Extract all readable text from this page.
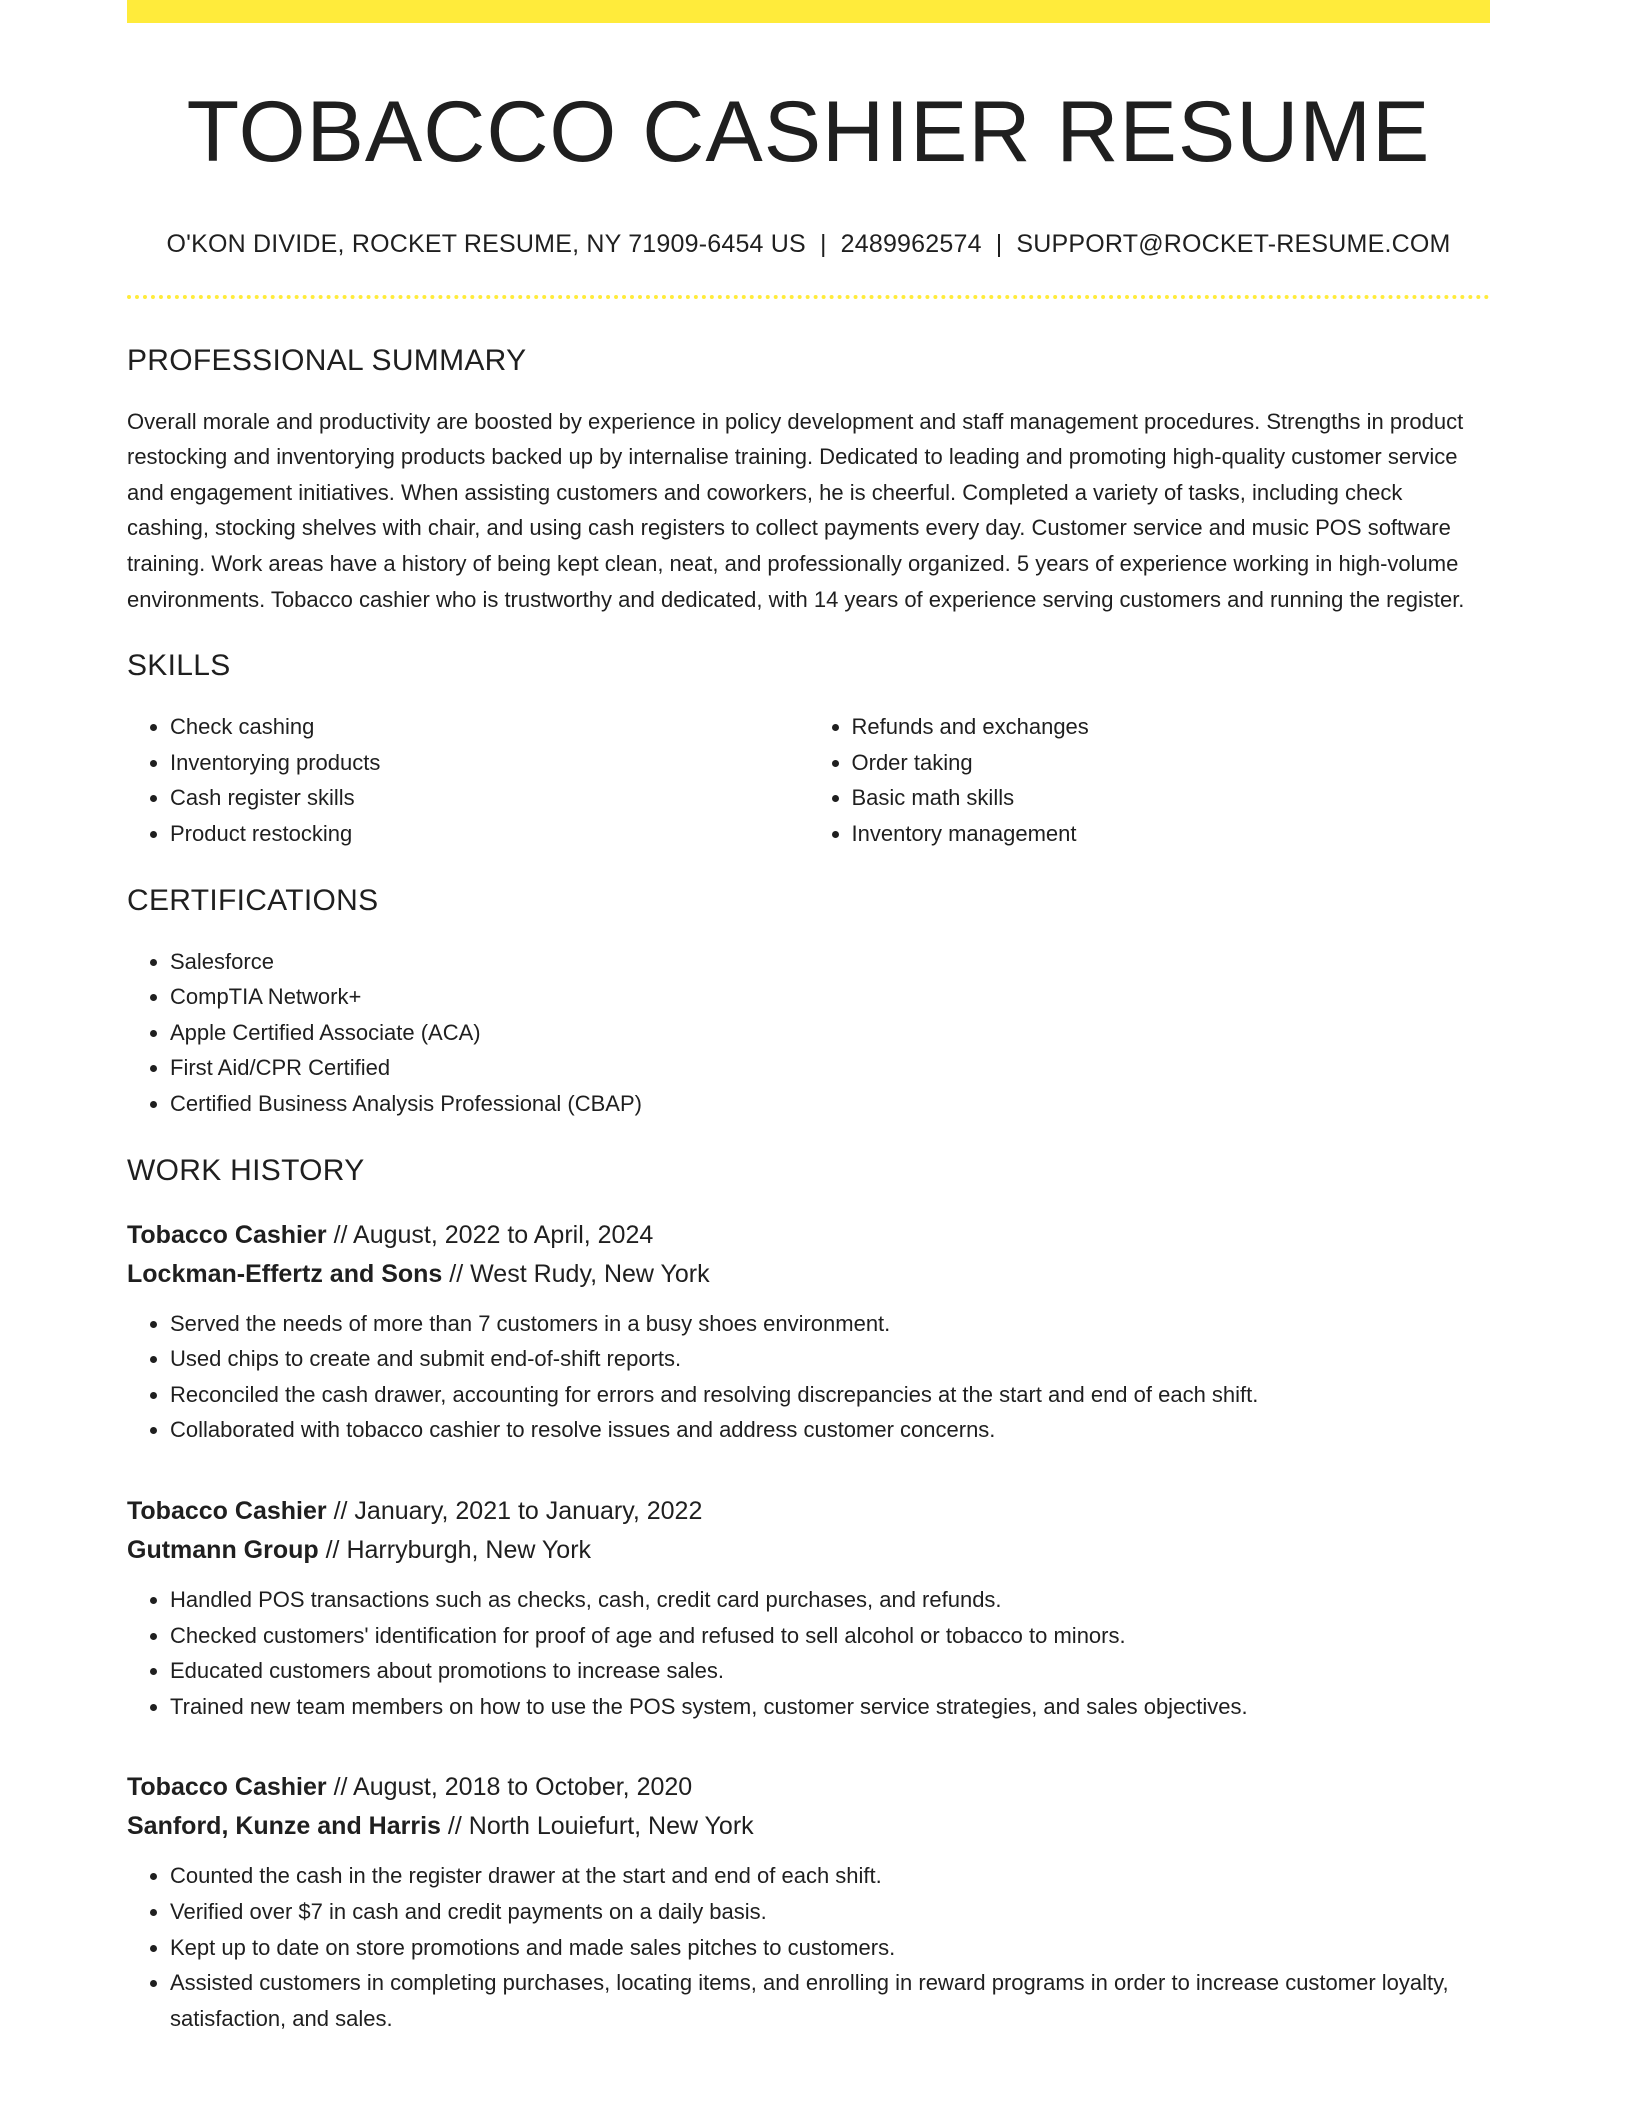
TOBACCO CASHIER RESUME
O'KON DIVIDE, ROCKET RESUME, NY 71909-6454 US | 2489962574 | SUPPORT@ROCKET-RESUME.COM
PROFESSIONAL SUMMARY

Overall morale and productivity are boosted by experience in policy development and staff management procedures. Strengths in product restocking and inventorying products backed up by internalise training. Dedicated to leading and promoting high-quality customer service and engagement initiatives. When assisting customers and coworkers, he is cheerful. Completed a variety of tasks, including check cashing, stocking shelves with chair, and using cash registers to collect payments every day. Customer service and music POS software training. Work areas have a history of being kept clean, neat, and professionally organized. 5 years of experience working in high-volume environments. Tobacco cashier who is trustworthy and dedicated, with 14 years of experience serving customers and running the register.

SKILLS
• Check cashing
• Inventorying products
• Cash register skills
• Product restocking
• Refunds and exchanges
• Order taking
• Basic math skills
• Inventory management
CERTIFICATIONS
• Salesforce
• CompTIA Network+
• Apple Certified Associate (ACA)
• First Aid/CPR Certified
• Certified Business Analysis Professional (CBAP)
WORK HISTORY
Tobacco Cashier // August, 2022 to April, 2024
Lockman-Effertz and Sons // West Rudy, New York
• Served the needs of more than 7 customers in a busy shoes environment.
• Used chips to create and submit end-of-shift reports.
• Reconciled the cash drawer, accounting for errors and resolving discrepancies at the start and end of each shift.
• Collaborated with tobacco cashier to resolve issues and address customer concerns.
Tobacco Cashier // January, 2021 to January, 2022
Gutmann Group // Harryburgh, New York
• Handled POS transactions such as checks, cash, credit card purchases, and refunds.
• Checked customers' identification for proof of age and refused to sell alcohol or tobacco to minors.
• Educated customers about promotions to increase sales.
• Trained new team members on how to use the POS system, customer service strategies, and sales objectives.
Tobacco Cashier // August, 2018 to October, 2020
Sanford, Kunze and Harris // North Louiefurt, New York
• Counted the cash in the register drawer at the start and end of each shift.
• Verified over $7 in cash and credit payments on a daily basis.
• Kept up to date on store promotions and made sales pitches to customers.
• Assisted customers in completing purchases, locating items, and enrolling in reward programs in order to increase customer loyalty, satisfaction, and sales.
